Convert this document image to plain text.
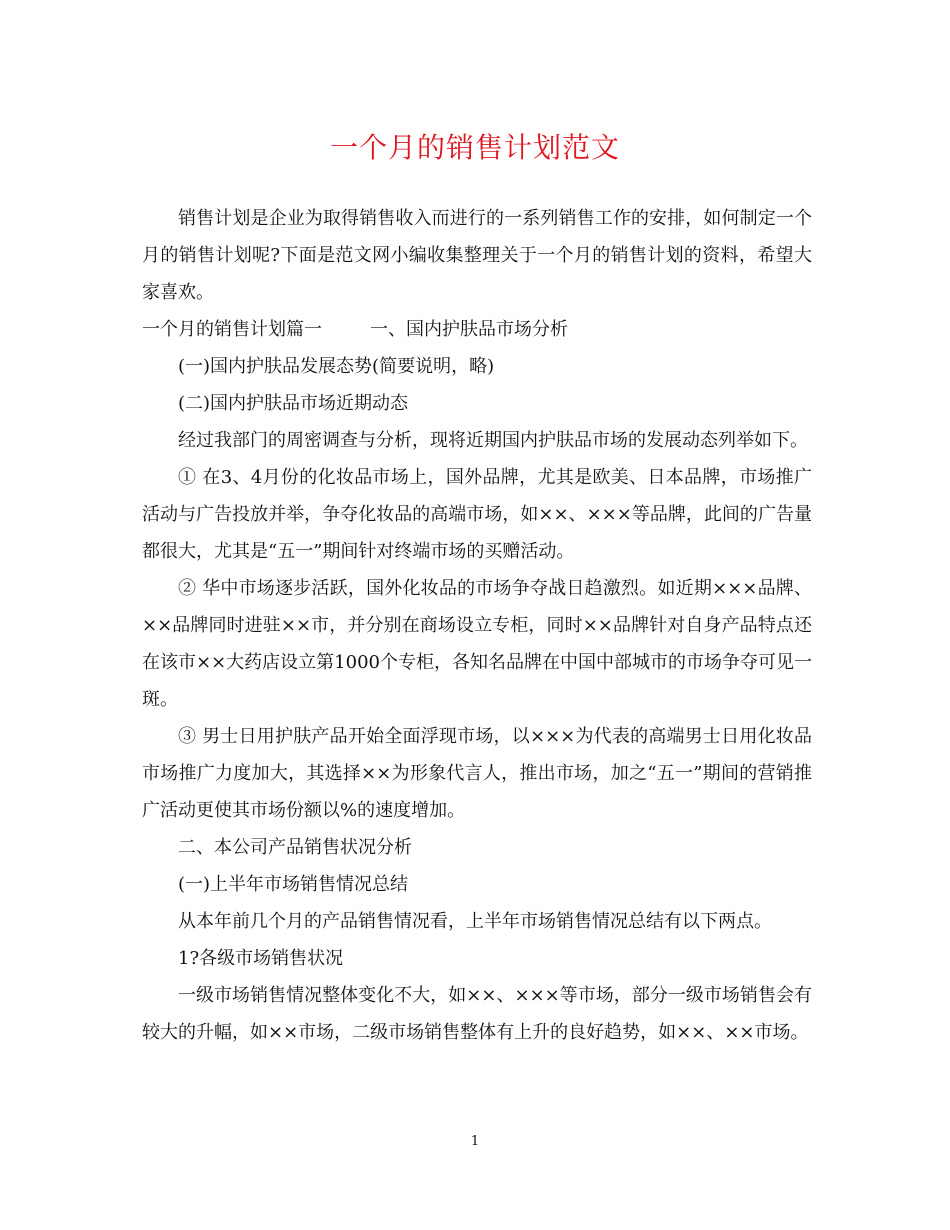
一个月的销售计划范文

销售计划是企业为取得销售收入而进行的一系列销售工作的安排，如何制定一个月的销售计划呢?下面是范文网小编收集整理关于一个月的销售计划的资料，希望大家喜欢。

一个月的销售计划篇一	一、国内护肤品市场分析

(一)国内护肤品发展态势(简要说明，略)

(二)国内护肤品市场近期动态

经过我部门的周密调查与分析，现将近期国内护肤品市场的发展动态列举如下。

① 在3、4月份的化妆品市场上，国外品牌，尤其是欧美、日本品牌，市场推广活动与广告投放并举，争夺化妆品的高端市场，如××、×××等品牌，此间的广告量都很大，尤其是“五一”期间针对终端市场的买赠活动。

② 华中市场逐步活跃，国外化妆品的市场争夺战日趋激烈。如近期×××品牌、××品牌同时进驻××市，并分别在商场设立专柜，同时××品牌针对自身产品特点还在该市××大药店设立第1000个专柜，各知名品牌在中国中部城市的市场争夺可见一斑。

③ 男士日用护肤产品开始全面浮现市场，以×××为代表的高端男士日用化妆品市场推广力度加大，其选择××为形象代言人，推出市场，加之“五一”期间的营销推广活动更使其市场份额以%的速度增加。

二、本公司产品销售状况分析

(一)上半年市场销售情况总结

从本年前几个月的产品销售情况看，上半年市场销售情况总结有以下两点。

1?各级市场销售状况

一级市场销售情况整体变化不大，如××、×××等市场，部分一级市场销售会有较大的升幅，如××市场，二级市场销售整体有上升的良好趋势，如××、××市场。

1
